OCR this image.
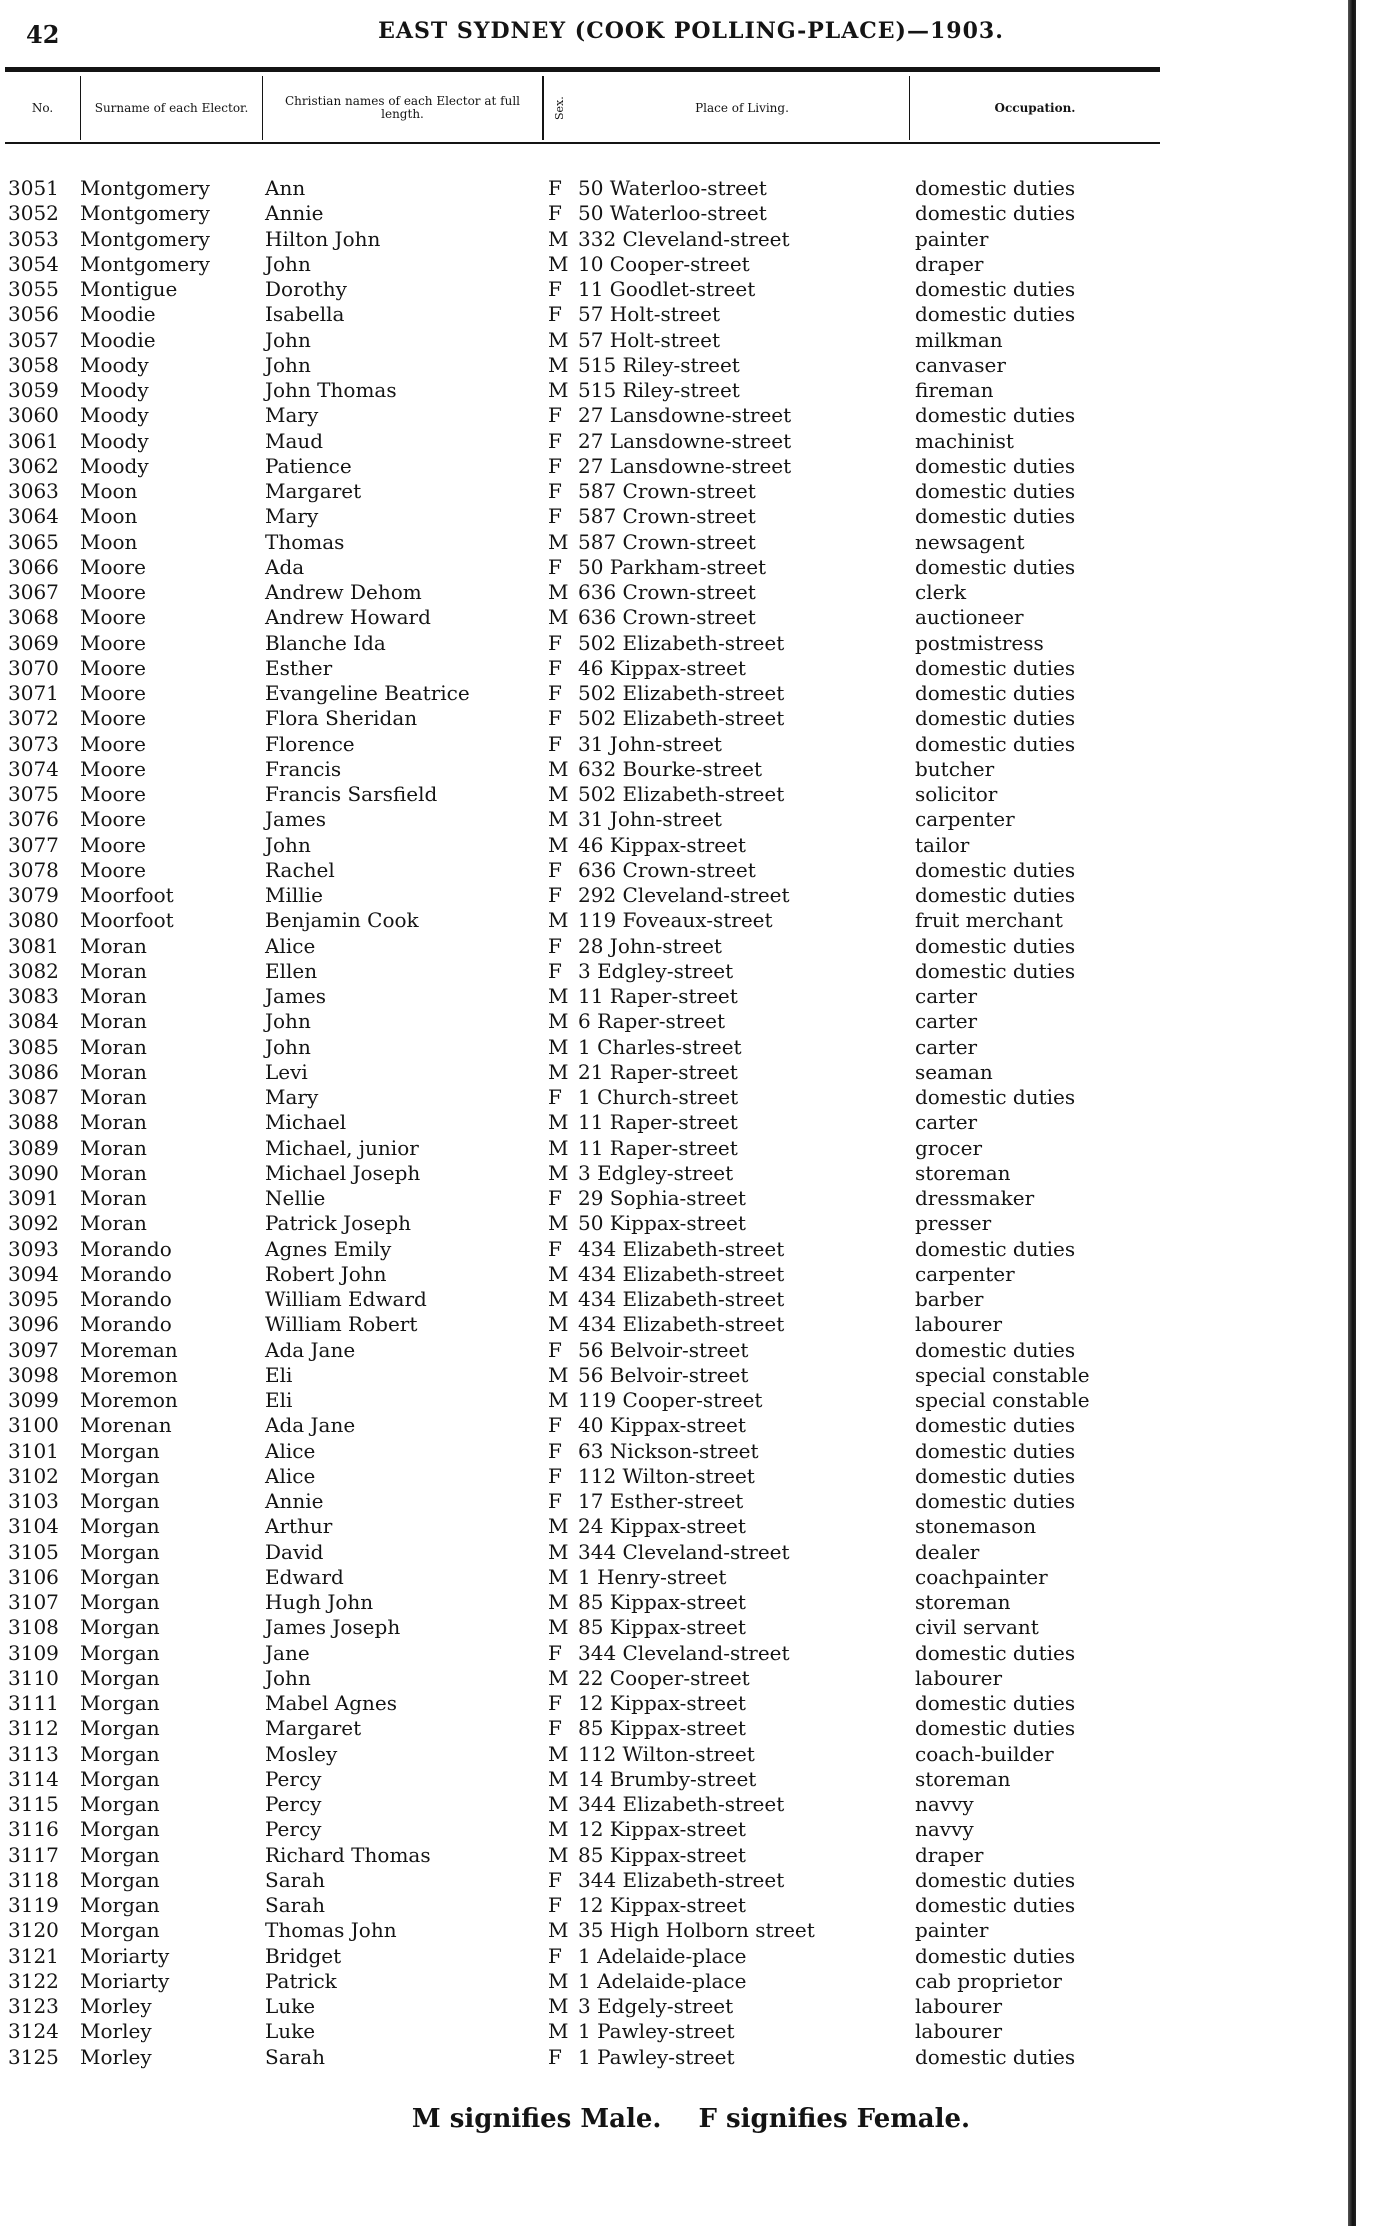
42	EAST SYDNEY (COOK POLLING-PLACE)—1903.
No.	Surname of each Elector.	Christian names of each Elector at full length.	Sex.	Place of Living.	Occupation.
3051 Montgomery	Ann	F 50 Waterloo-street	domestic duties
3052 Montgomery	Annie	F 50 Waterloo-street	domestic duties
3053 Montgomery	Hilton John	M 332 Cleveland-street	painter
3054 Montgomery	John	M 10 Cooper-street	draper
3055 Montigue	Dorothy	F 11 Goodlet-street	domestic duties
3056 Moodie	Isabella	F 57 Holt-street	domestic duties
3057 Moodie	John	M 57 Holt-street	milkman
3058 Moody	John	M 515 Riley-street	canvaser
3059 Moody	John Thomas	M 515 Riley-street	fireman
3060 Moody	Mary	F 27 Lansdowne-street	domestic duties
3061 Moody	Maud	F 27 Lansdowne-street	machinist
3062 Moody	Patience	F 27 Lansdowne-street	domestic duties
3063 Moon	Margaret	F 587 Crown-street	domestic duties
3064 Moon	Mary	F 587 Crown-street	domestic duties
3065 Moon	Thomas	M 587 Crown-street	newsagent
3066 Moore	Ada	F 50 Parkham-street	domestic duties
3067 Moore	Andrew Dehom	M 636 Crown-street	clerk
3068 Moore	Andrew Howard	M 636 Crown-street	auctioneer
3069 Moore	Blanche Ida	F 502 Elizabeth-street	postmistress
3070 Moore	Esther	F 46 Kippax-street	domestic duties
3071 Moore	Evangeline Beatrice	F 502 Elizabeth-street	domestic duties
3072 Moore	Flora Sheridan	F 502 Elizabeth-street	domestic duties
3073 Moore	Florence	F 31 John-street	domestic duties
3074 Moore	Francis	M 632 Bourke-street	butcher
3075 Moore	Francis Sarsfield	M 502 Elizabeth-street	solicitor
3076 Moore	James	M 31 John-street	carpenter
3077 Moore	John	M 46 Kippax-street	tailor
3078 Moore	Rachel	F 636 Crown-street	domestic duties
3079 Moorfoot	Millie	F 292 Cleveland-street	domestic duties
3080 Moorfoot	Benjamin Cook	M 119 Foveaux-street	fruit merchant
3081 Moran	Alice	F 28 John-street	domestic duties
3082 Moran	Ellen	F 3 Edgley-street	domestic duties
3083 Moran	James	M 11 Raper-street	carter
3084 Moran	John	M 6 Raper-street	carter
3085 Moran	John	M 1 Charles-street	carter
3086 Moran	Levi	M 21 Raper-street	seaman
3087 Moran	Mary	F 1 Church-street	domestic duties
3088 Moran	Michael	M 11 Raper-street	carter
3089 Moran	Michael, junior	M 11 Raper-street	grocer
3090 Moran	Michael Joseph	M 3 Edgley-street	storeman
3091 Moran	Nellie	F 29 Sophia-street	dressmaker
3092 Moran	Patrick Joseph	M 50 Kippax-street	presser
3093 Morando	Agnes Emily	F 434 Elizabeth-street	domestic duties
3094 Morando	Robert John	M 434 Elizabeth-street	carpenter
3095 Morando	William Edward	M 434 Elizabeth-street	barber
3096 Morando	William Robert	M 434 Elizabeth-street	labourer
3097 Moreman	Ada Jane	F 56 Belvoir-street	domestic duties
3098 Moremon	Eli	M 56 Belvoir-street	special constable
3099 Moremon	Eli	M 119 Cooper-street	special constable
3100 Morenan	Ada Jane	F 40 Kippax-street	domestic duties
3101 Morgan	Alice	F 63 Nickson-street	domestic duties
3102 Morgan	Alice	F 112 Wilton-street	domestic duties
3103 Morgan	Annie	F 17 Esther-street	domestic duties
3104 Morgan	Arthur	M 24 Kippax-street	stonemason
3105 Morgan	David	M 344 Cleveland-street	dealer
3106 Morgan	Edward	M 1 Henry-street	coachpainter
3107 Morgan	Hugh John	M 85 Kippax-street	storeman
3108 Morgan	James Joseph	M 85 Kippax-street	civil servant
3109 Morgan	Jane	F 344 Cleveland-street	domestic duties
3110 Morgan	John	M 22 Cooper-street	labourer
3111 Morgan	Mabel Agnes	F 12 Kippax-street	domestic duties
3112 Morgan	Margaret	F 85 Kippax-street	domestic duties
3113 Morgan	Mosley	M 112 Wilton-street	coach-builder
3114 Morgan	Percy	M 14 Brumby-street	storeman
3115 Morgan	Percy	M 344 Elizabeth-street	navvy
3116 Morgan	Percy	M 12 Kippax-street	navvy
3117 Morgan	Richard Thomas	M 85 Kippax-street	draper
3118 Morgan	Sarah	F 344 Elizabeth-street	domestic duties
3119 Morgan	Sarah	F 12 Kippax-street	domestic duties
3120 Morgan	Thomas John	M 35 High Holborn street	painter
3121 Moriarty	Bridget	F 1 Adelaide-place	domestic duties
3122 Moriarty	Patrick	M 1 Adelaide-place	cab proprietor
3123 Morley	Luke	M 3 Edgely-street	labourer
3124 Morley	Luke	M 1 Pawley-street	labourer
3125 Morley	Sarah	F 1 Pawley-street	domestic duties
M signifies Male. F signifies Female.
